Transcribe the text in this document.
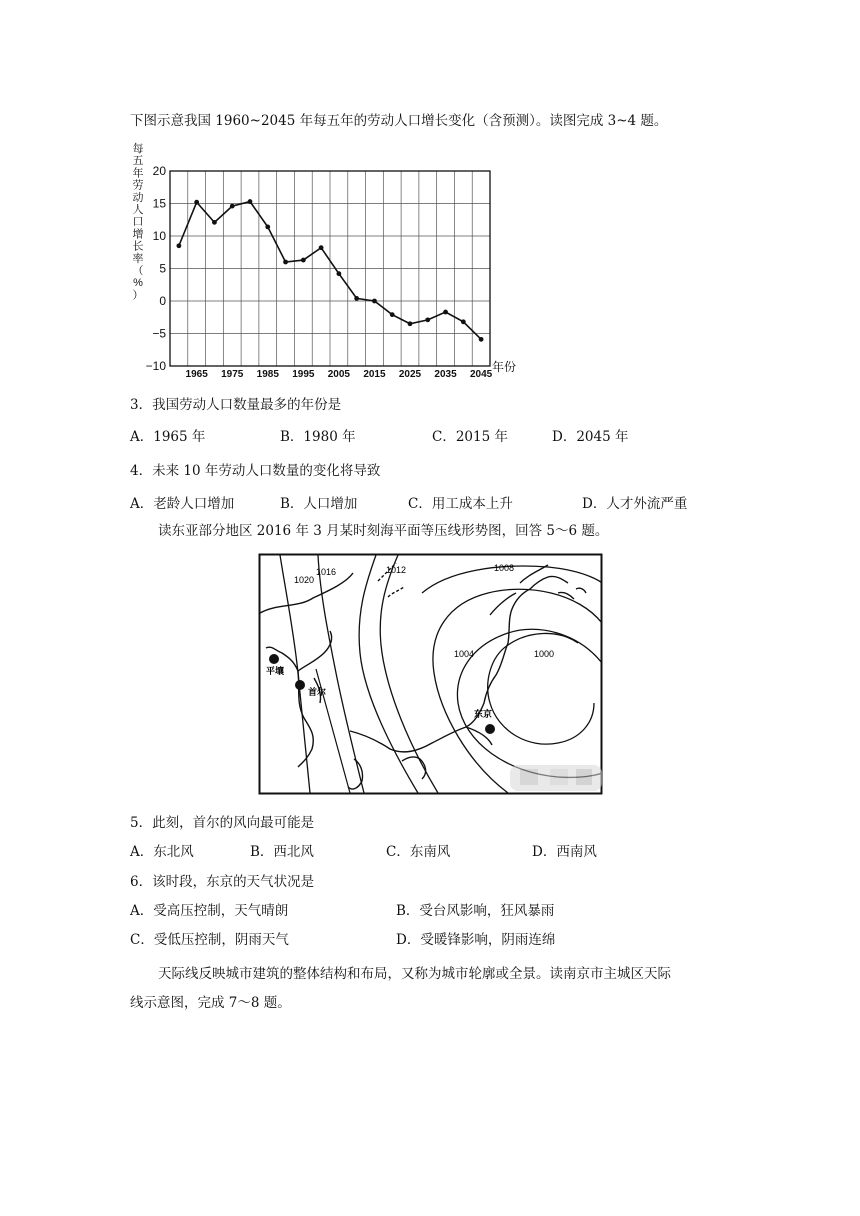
下图示意我国 1960~2045 年每五年的劳动人口增长变化（含预测）。读图完成 3~4 题。
每
五
年
劳
动
人
口
增
长
率
（
%
）
20
15
10
5
0
−5
−10
1965 1975 1985 1995 2005 2015 2025 2035 2045
年份
3．我国劳动人口数量最多的年份是
A．1965 年	B．1980 年	C．2015 年	D．2045 年
4．未来 10 年劳动人口数量的变化将导致
A．老龄人口增加	B．人口增加	C．用工成本上升	D．人才外流严重
读东亚部分地区 2016 年 3 月某时刻海平面等压线形势图，回答 5～6 题。
1020
1016	1012	1008
1004	1000
平壤
首尔
东京
5．此刻，首尔的风向最可能是
A．东北风	B．西北风	C．东南风	D．西南风
6．该时段，东京的天气状况是
A．受高压控制，天气晴朗	B．受台风影响，狂风暴雨
C．受低压控制，阴雨天气	D．受暖锋影响，阴雨连绵
天际线反映城市建筑的整体结构和布局，又称为城市轮廓或全景。读南京市主城区天际
线示意图，完成 7～8 题。
